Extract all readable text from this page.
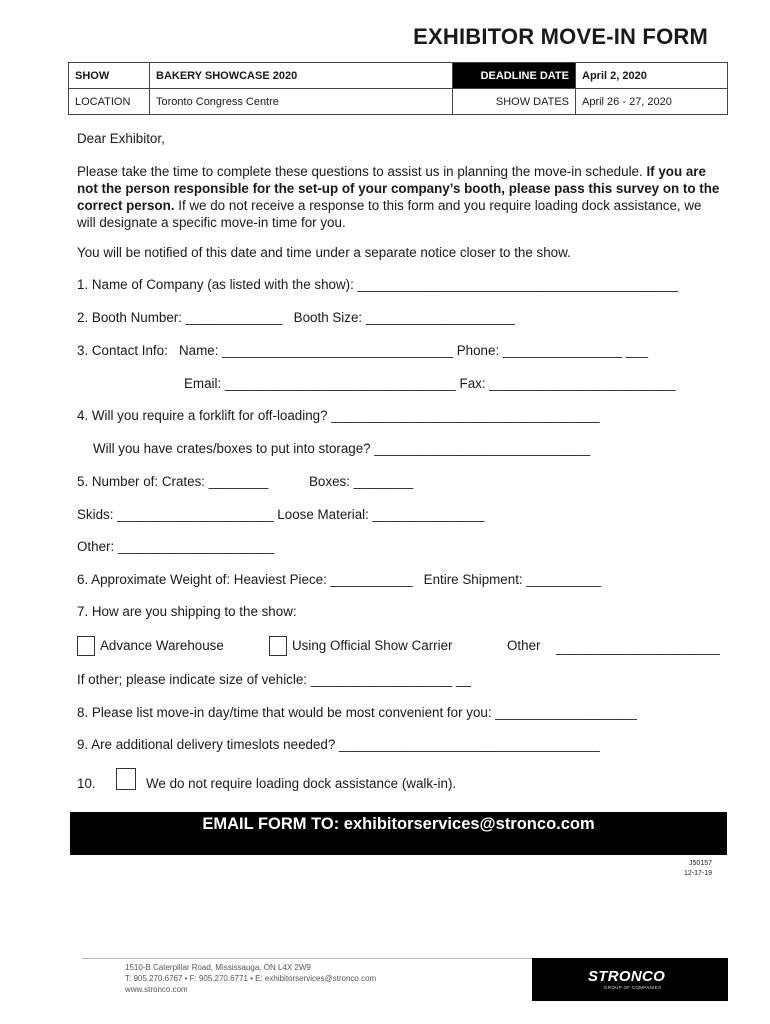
EXHIBITOR MOVE-IN FORM
SHOW	BAKERY SHOWCASE 2020	DEADLINE DATE	April 2, 2020
LOCATION	Toronto Congress Centre	SHOW DATES	April 26 - 27, 2020
Dear Exhibitor,
Please take the time to complete these questions to assist us in planning the move-in schedule. If you are not the person responsible for the set-up of your company’s booth, please pass this survey on to the correct person. If we do not receive a response to this form and you require loading dock assistance, we will designate a specific move-in time for you.
You will be notified of this date and time under a separate notice closer to the show.
1. Name of Company (as listed with the show): ___________________________________________
2. Booth Number: _____________   Booth Size: ____________________
3. Contact Info:   Name: _______________________________ Phone: ________________ ___
Email: _______________________________ Fax: _________________________
4. Will you require a forklift for off-loading? ____________________________________
Will you have crates/boxes to put into storage? _____________________________
5. Number of: Crates: ________	Boxes: ________
Skids: _____________________ Loose Material: _______________
Other: _____________________
6. Approximate Weight of: Heaviest Piece: ___________   Entire Shipment: __________
7. How are you shipping to the show:
Advance Warehouse	Using Official Show Carrier	Other ______________________
If other; please indicate size of vehicle: ___________________ __
8. Please list move-in day/time that would be most convenient for you: ___________________
9. Are additional delivery timeslots needed? ___________________________________
10.	We do not require loading dock assistance (walk-in).
EMAIL FORM TO: exhibitorservices@stronco.com
J50157
12-17-19
1510-B Caterpillar Road, Mississauga, ON L4X 2W9
T: 905.270.6767 • F: 905.270.6771 • E: exhibitorservices@stronco.com
www.stronco.com
STRONCO
GROUP OF COMPANIES
